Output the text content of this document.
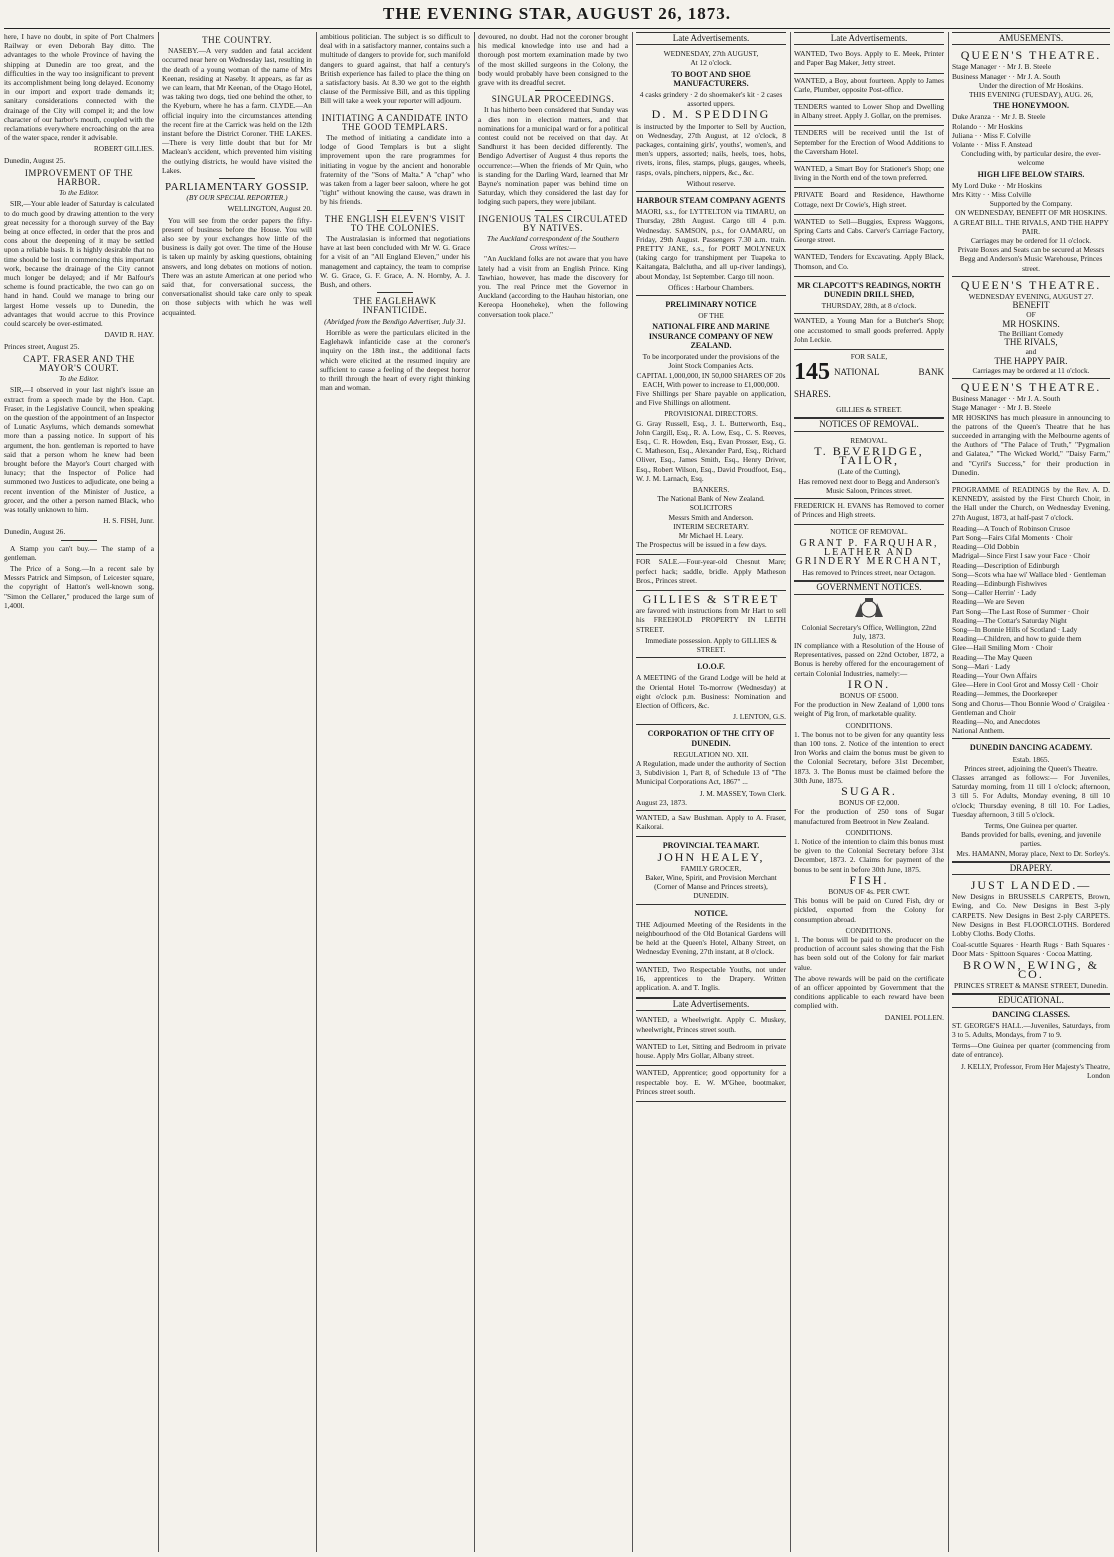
THE EVENING STAR, AUGUST 26, 1873.

here, I have no doubt, in spite of Port Chalmers Railway or even Deborah Bay ditto. The advantages to the whole Province of having the shipping at Dunedin are too great, and the difficulties in the way too insignificant to prevent its accomplishment being long delayed. Economy in our import and export trade demands it; sanitary considerations connected with the drainage of the City will compel it; and the low character of our harbor's mouth, coupled with the reclamations everywhere encroaching on the area of the water space, render it advisable.

ROBERT GILLIES.

Dunedin, August 25.

IMPROVEMENT OF THE HARBOR.
To the Editor.

SIR,—Your able leader of Saturday is calculated to do much good by drawing attention to the very great necessity for a thorough survey of the Bay being at once effected, in order that the pros and cons about the deepening of it may be settled upon a reliable basis. It is highly desirable that no time should be lost in commencing this important work, because the drainage of the City cannot much longer be delayed; and if Mr Balfour's scheme is found practicable, the two can go on hand in hand. Could we manage to bring our largest Home vessels up to Dunedin, the advantages that would accrue to this Province could scarcely be over-estimated.

DAVID R. HAY.

Princes street, August 25.

CAPT. FRASER AND THE MAYOR'S COURT.
To the Editor.

SIR,—I observed in your last night's issue an extract from a speech made by the Hon. Capt. Fraser, in the Legislative Council, when speaking on the question of the appointment of an Inspector of Lunatic Asylums, which demands somewhat more than a passing notice. In support of his argument, the hon. gentleman is reported to have said that a person whom he knew had been brought before the Mayor's Court charged with lunacy; that the Inspector of Police had summoned two Justices to adjudicate, one being a recent invention of the Minister of Justice, a grocer, and the other a person named Black, who was totally unknown to him.

H. S. FISH, Junr.

Dunedin, August 26.

A Stamp you can't buy.— The stamp of a gentleman.

The Price of a Song.—In a recent sale by Messrs Patrick and Simpson, of Leicester square, the copyright of Hatton's well-known song, "Simon the Cellarer," produced the large sum of 1,400l.

THE COUNTRY.

NASEBY.—A very sudden and fatal accident occurred near here on Wednesday last, resulting in the death of a young woman of the name of Mrs Keenan, residing at Naseby. It appears, as far as we can learn, that Mr Keenan, of the Otago Hotel, was taking two dogs, tied one behind the other, to the Kyeburn, where he has a farm. CLYDE.—An official inquiry into the circumstances attending the recent fire at the Carrick was held on the 12th instant before the District Coroner. THE LAKES.—There is very little doubt that but for Mr Maclean's accident, which prevented him visiting the outlying districts, he would have visited the Lakes.

PARLIAMENTARY GOSSIP.
(BY OUR SPECIAL REPORTER.)

WELLINGTON, August 20.

You will see from the order papers the fifty-present of business before the House. You will also see by your exchanges how little of the business is daily got over. The time of the House is taken up mainly by asking questions, obtaining answers, and long debates on motions of notion. There was an astute American at one period who said that, for conversational success, the conversationalist should take care only to speak on those subjects with which he was well acquainted.

ambitious politician. The subject is so difficult to deal with in a satisfactory manner, contains such a multitude of dangers to provide for, such manifold dangers to guard against, that half a century's British experience has failed to place the thing on a satisfactory basis. At 8.30 we got to the eighth clause of the Permissive Bill, and as this tippling Bill will take a week your reporter will adjourn.

INITIATING A CANDIDATE INTO THE GOOD TEMPLARS.

The method of initiating a candidate into a lodge of Good Templars is but a slight improvement upon the rare programmes for initiating in vogue by the ancient and honorable fraternity of the "Sons of Malta." A "chap" who was taken from a lager beer saloon, where he got "tight" without knowing the cause, was drawn in by his friends.

THE ENGLISH ELEVEN'S VISIT TO THE COLONIES.

The Australasian is informed that negotiations have at last been concluded with Mr W. G. Grace for a visit of an "All England Eleven," under his management and captaincy, the team to comprise W. G. Grace, G. F. Grace, A. N. Hornby, A. J. Bush, and others.

THE EAGLEHAWK INFANTICIDE.
(Abridged from the Bendigo Advertiser, July 31.

Horrible as were the particulars elicited in the Eaglehawk infanticide case at the coroner's inquiry on the 18th inst., the additional facts which were elicited at the resumed inquiry are sufficient to cause a feeling of the deepest horror to thrill through the heart of every right thinking man and woman.

devoured, no doubt. Had not the coroner brought his medical knowledge into use and had a thorough post mortem examination made by two of the most skilled surgeons in the Colony, the body would probably have been consigned to the grave with its dreadful secret.

SINGULAR PROCEEDINGS.

It has hitherto been considered that Sunday was a dies non in election matters, and that nominations for a municipal ward or for a political contest could not be received on that day. At Sandhurst it has been decided differently. The Bendigo Advertiser of August 4 thus reports the occurrence:—When the friends of Mr Quin, who is standing for the Darling Ward, learned that Mr Bayne's nomination paper was behind time on Saturday, which they considered the last day for lodging such papers, they were jubilant.

INGENIOUS TALES CIRCULATED BY NATIVES.
The Auckland correspondent of the Southern Cross writes:—

"An Auckland folks are not aware that you have lately had a visit from an English Prince. King Tawhiao, however, has made the discovery for you. The real Prince met the Governor in Auckland (according to the Hauhau historian, one Kereopa Hooneheke), when the following conversation took place."

Late Advertisements.
WEDNESDAY, 27th AUGUST,
At 12 o'clock.
TO BOOT AND SHOE MANUFACTURERS.
4 casks grindery · 2 do shoemaker's kit · 2 cases assorted uppers.
D. M. SPEDDING

is instructed by the Importer to Sell by Auction, on Wednesday, 27th August, at 12 o'clock, 8 packages, containing girls', youths', women's, and men's uppers, assorted; nails, heels, toes, hobs, rivets, irons, files, stamps, plugs, gauges, wheels, rasps, ovals, pinchers, nippers, &c., &c.

Without reserve.
HARBOUR STEAM COMPANY AGENTS

MAORI, s.s., for LYTTELTON via TIMARU, on Thursday, 28th August. Cargo till 4 p.m. Wednesday. SAMSON, p.s., for OAMARU, on Friday, 29th August. Passengers 7.30 a.m. train. PRETTY JANE, s.s., for PORT MOLYNEUX (taking cargo for transhipment per Tuapeka to Kaitangata, Balclutha, and all up-river landings), about Monday, 1st September. Cargo till noon.

Offices : Harbour Chambers.
PRELIMINARY NOTICE
OF THE
NATIONAL FIRE AND MARINE INSURANCE COMPANY OF NEW ZEALAND.
To be incorporated under the provisions of the Joint Stock Companies Acts.
CAPITAL 1,000,000, IN 50,000 SHARES OF 20s EACH, With power to increase to £1,000,000.

Five Shillings per Share payable on application, and Five Shillings on allotment.

PROVISIONAL DIRECTORS.

G. Gray Russell, Esq., J. L. Butterworth, Esq., John Cargill, Esq., R. A. Low, Esq., C. S. Reeves, Esq., C. R. Howden, Esq., Evan Prosser, Esq., G. C. Matheson, Esq., Alexander Pard, Esq., Richard Oliver, Esq., James Smith, Esq., Henry Driver, Esq., Robert Wilson, Esq., David Proudfoot, Esq., W. J. M. Larnach, Esq.

BANKERS.
The National Bank of New Zealand.
SOLICITORS
Messrs Smith and Anderson.
INTERIM SECRETARY.
Mr Michael H. Leary.

The Prospectus will be issued in a few days.

FOR SALE.—Four-year-old Chesnut Mare; perfect hack; saddle, bridle. Apply Matheson Bros., Princes street.

GILLIES & STREET

are favored with instructions from Mr Hart to sell his FREEHOLD PROPERTY IN LEITH STREET.

Immediate possession. Apply to GILLIES & STREET.
I.O.O.F.

A MEETING of the Grand Lodge will be held at the Oriental Hotel To-morrow (Wednesday) at eight o'clock p.m. Business: Nomination and Election of Officers, &c.

J. LENTON, G.S.
CORPORATION OF THE CITY OF DUNEDIN.
REGULATION NO. XII.

A Regulation, made under the authority of Section 3, Subdivision 1, Part 8, of Schedule 13 of "The Municipal Corporations Act, 1867" ...

J. M. MASSEY, Town Clerk.
August 23, 1873.

WANTED, a Saw Bushman. Apply to A. Fraser, Kaikorai.

PROVINCIAL TEA MART.
JOHN HEALEY,
FAMILY GROCER,
Baker, Wine, Spirit, and Provision Merchant (Corner of Manse and Princes streets), DUNEDIN.
NOTICE.

THE Adjourned Meeting of the Residents in the neighbourhood of the Old Botanical Gardens will be held at the Queen's Hotel, Albany Street, on Wednesday Evening, 27th instant, at 8 o'clock.

WANTED, Two Respectable Youths, not under 16, apprentices to the Drapery. Written application. A. and T. Inglis.

Late Advertisements.

WANTED, a Wheelwright. Apply C. Muskey, wheelwright, Princes street south.

WANTED to Let, Sitting and Bedroom in private house. Apply Mrs Gollar, Albany street.

WANTED, Apprentice; good opportunity for a respectable boy. E. W. M'Ghee, bootmaker, Princes street south.

Late Advertisements.

WANTED, Two Boys. Apply to E. Meek, Printer and Paper Bag Maker, Jetty street.

WANTED, a Boy, about fourteen. Apply to James Carle, Plumber, opposite Post-office.

TENDERS wanted to Lower Shop and Dwelling in Albany street. Apply J. Gollar, on the premises.

TENDERS will be received until the 1st of September for the Erection of Wood Additions to the Caversham Hotel.

WANTED, a Smart Boy for Stationer's Shop; one living in the North end of the town preferred.

PRIVATE Board and Residence, Hawthorne Cottage, next Dr Cowie's, High street.

WANTED to Sell—Buggies, Express Waggons, Spring Carts and Cabs. Carver's Carriage Factory, George street.

WANTED, Tenders for Excavating. Apply Black, Thomson, and Co.

MR CLAPCOTT'S READINGS, NORTH DUNEDIN DRILL SHED,
THURSDAY, 28th, at 8 o'clock.

WANTED, a Young Man for a Butcher's Shop; one accustomed to small goods preferred. Apply John Leckie.

FOR SALE,
145 NATIONAL BANK SHARES.
GILLIES & STREET.
NOTICES OF REMOVAL.
REMOVAL.
T. BEVERIDGE, TAILOR,
(Late of the Cutting),
Has removed next door to Begg and Anderson's Music Saloon, Princes street.

FREDERICK H. EVANS has Removed to corner of Princes and High streets.

NOTICE OF REMOVAL.
GRANT P. FARQUHAR, LEATHER AND GRINDERY MERCHANT,
Has removed to Princes street, near Octagon.
GOVERNMENT NOTICES.
Colonial Secretary's Office, Wellington, 22nd July, 1873.

IN compliance with a Resolution of the House of Representatives, passed on 22nd October, 1872, a Bonus is hereby offered for the encouragement of certain Colonial Industries, namely:—

IRON.
BONUS OF £5000.

For the production in New Zealand of 1,000 tons weight of Pig Iron, of marketable quality.

CONDITIONS.

1. The bonus not to be given for any quantity less than 100 tons. 2. Notice of the intention to erect Iron Works and claim the bonus must be given to the Colonial Secretary, before 31st December, 1873. 3. The Bonus must be claimed before the 30th June, 1875.

SUGAR.
BONUS OF £2,000.

For the production of 250 tons of Sugar manufactured from Beetroot in New Zealand.

CONDITIONS.

1. Notice of the intention to claim this bonus must be given to the Colonial Secretary before 31st December, 1873. 2. Claims for payment of the bonus to be sent in before 30th June, 1875.

FISH.
BONUS OF 4s. PER CWT.

This bonus will be paid on Cured Fish, dry or pickled, exported from the Colony for consumption abroad.

CONDITIONS.

1. The bonus will be paid to the producer on the production of account sales showing that the Fish has been sold out of the Colony for fair market value.

The above rewards will be paid on the certificate of an officer appointed by Government that the conditions applicable to each reward have been complied with.

DANIEL POLLEN.
AMUSEMENTS.
QUEEN'S THEATRE.
Stage Manager · · Mr J. B. Steele
Business Manager · · Mr J. A. South
Under the direction of Mr Hoskins.
THIS EVENING (TUESDAY), AUG. 26,
THE HONEYMOON.
Duke Aranza · · Mr J. B. Steele
Rolando · · Mr Hoskins
Juliana · · Miss F. Colville
Volante · · Miss F. Anstead
Concluding with, by particular desire, the ever-welcome
HIGH LIFE BELOW STAIRS.
My Lord Duke · · Mr Hoskins
Mrs Kitty · · Miss Colville
Supported by the Company.
ON WEDNESDAY, BENEFIT OF MR HOSKINS. A GREAT BILL. THE RIVALS, AND THE HAPPY PAIR.
Carriages may be ordered for 11 o'clock.
Private Boxes and Seats can be secured at Messrs Begg and Anderson's Music Warehouse, Princes street.
QUEEN'S THEATRE.
WEDNESDAY EVENING, AUGUST 27.
BENEFIT
OF
MR HOSKINS.
The Brilliant Comedy
THE RIVALS,
and
THE HAPPY PAIR.
Carriages may be ordered at 11 o'clock.
QUEEN'S THEATRE.
Business Manager · · Mr J. A. South
Stage Manager · · Mr J. B. Steele

MR HOSKINS has much pleasure in announcing to the patrons of the Queen's Theatre that he has succeeded in arranging with the Melbourne agents of the Authors of "The Palace of Truth," "Pygmalion and Galatea," "The Wicked World," "Daisy Farm," and "Cyril's Success," for their production in Dunedin.

PROGRAMME of READINGS by the Rev. A. D. KENNEDY, assisted by the First Church Choir, in the Hall under the Church, on Wednesday Evening, 27th August, 1873, at half-past 7 o'clock.

Reading—A Touch of Robinson Crusoe
Part Song—Fairs Cifal Moments · Choir
Reading—Old Dobbin
Madrigal—Since First I saw your Face · Choir
Reading—Description of Edinburgh
Song—Scots wha hae wi' Wallace bled · Gentleman
Reading—Edinburgh Fishwives
Song—Caller Herrin' · Lady
Reading—We are Seven
Part Song—The Last Rose of Summer · Choir
Reading—The Cottar's Saturday Night
Song—In Bonnie Hills of Scotland · Lady
Reading—Children, and how to guide them
Glee—Hail Smiling Morn · Choir
Reading—The May Queen
Song—Mari · Lady
Reading—Your Own Affairs
Glee—Here in Cool Grot and Mossy Cell · Choir
Reading—Jemmes, the Doorkeeper
Song and Chorus—Thou Bonnie Wood o' Craigilea · Gentleman and Choir
Reading—No, and Anecdotes
National Anthem.
DUNEDIN DANCING ACADEMY.
Estab. 1865.
Princes street, adjoining the Queen's Theatre.

Classes arranged as follows:— For Juveniles, Saturday morning, from 11 till 1 o'clock; afternoon, 3 till 5. For Adults, Monday evening, 8 till 10 o'clock; Thursday evening, 8 till 10. For Ladies, Tuesday afternoon, 3 till 5 o'clock.

Terms, One Guinea per quarter.
Bands provided for balls, evening, and juvenile parties.
Mrs. HAMANN, Moray place, Next to Dr. Sorley's.
DRAPERY.
JUST LANDED.—

New Designs in BRUSSELS CARPETS, Brown, Ewing, and Co. New Designs in Best 3-ply CARPETS. New Designs in Best 2-ply CARPETS. New Designs in Best FLOORCLOTHS. Bordered Lobby Cloths. Body Cloths.

Coal-scuttle Squares · Hearth Rugs · Bath Squares · Door Mats · Spittoon Squares · Cocoa Matting.

BROWN, EWING, & CO.
PRINCES STREET & MANSE STREET, Dunedin.
EDUCATIONAL.
DANCING CLASSES.

ST. GEORGE'S HALL.—Juveniles, Saturdays, from 3 to 5. Adults, Mondays, from 7 to 9.

Terms—One Guinea per quarter (commencing from date of entrance).

J. KELLY, Professor, From Her Majesty's Theatre, London
